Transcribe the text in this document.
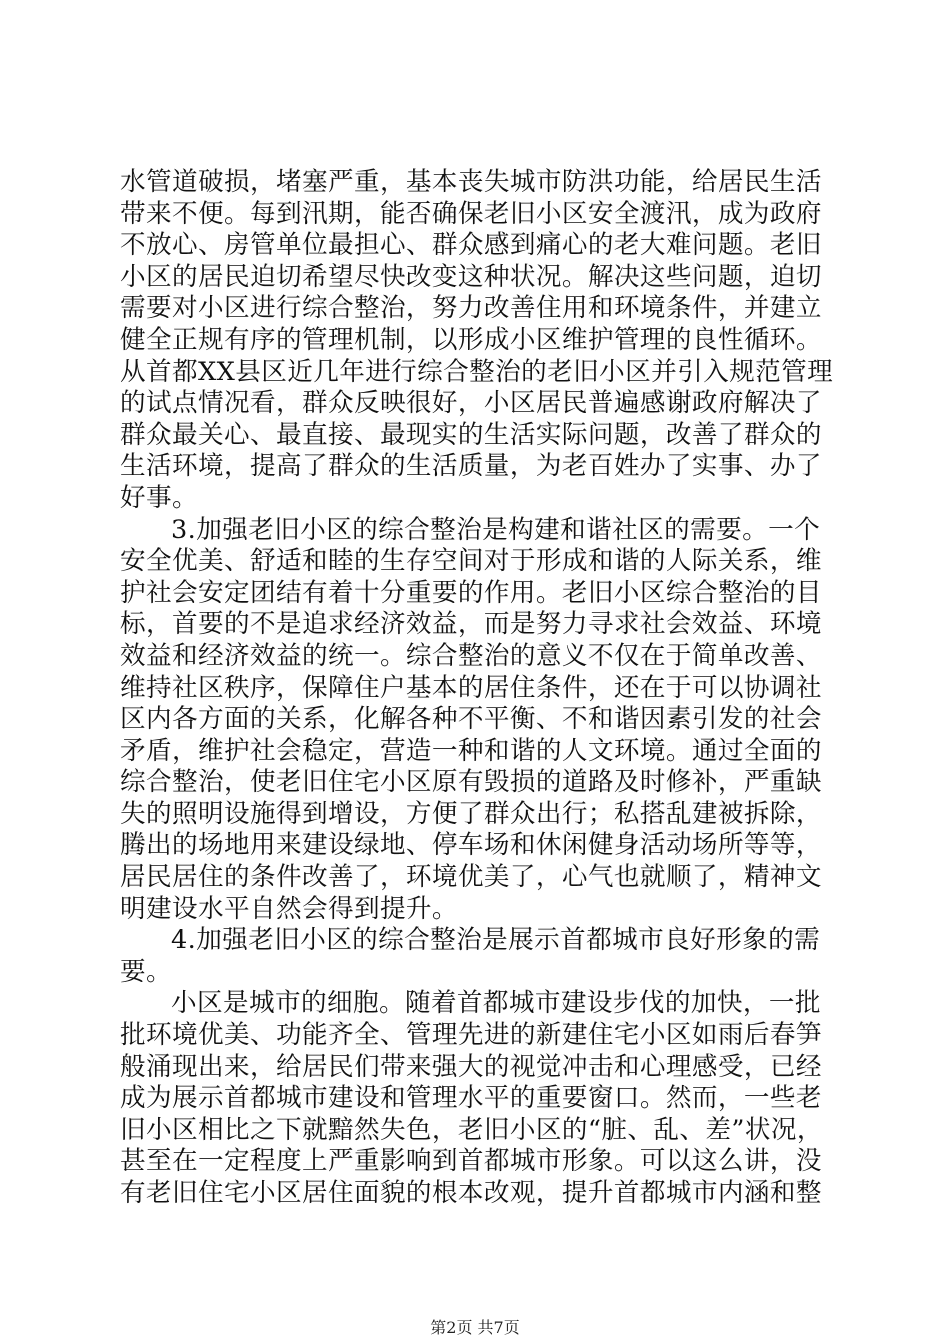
水管道破损，堵塞严重，基本丧失城市防洪功能，给居民生活
带来不便。每到汛期，能否确保老旧小区安全渡汛，成为政府
不放心、房管单位最担心、群众感到痛心的老大难问题。老旧
小区的居民迫切希望尽快改变这种状况。解决这些问题，迫切
需要对小区进行综合整治，努力改善住用和环境条件，并建立
健全正规有序的管理机制，以形成小区维护管理的良性循环。
从首都XX县区近几年进行综合整治的老旧小区并引入规范管理
的试点情况看，群众反映很好，小区居民普遍感谢政府解决了
群众最关心、最直接、最现实的生活实际问题，改善了群众的
生活环境，提高了群众的生活质量，为老百姓办了实事、办了
好事。
3.加强老旧小区的综合整治是构建和谐社区的需要。一个
安全优美、舒适和睦的生存空间对于形成和谐的人际关系，维
护社会安定团结有着十分重要的作用。老旧小区综合整治的目
标，首要的不是追求经济效益，而是努力寻求社会效益、环境
效益和经济效益的统一。综合整治的意义不仅在于简单改善、
维持社区秩序，保障住户基本的居住条件，还在于可以协调社
区内各方面的关系，化解各种不平衡、不和谐因素引发的社会
矛盾，维护社会稳定，营造一种和谐的人文环境。通过全面的
综合整治，使老旧住宅小区原有毁损的道路及时修补，严重缺
失的照明设施得到增设，方便了群众出行；私搭乱建被拆除，
腾出的场地用来建设绿地、停车场和休闲健身活动场所等等，
居民居住的条件改善了，环境优美了，心气也就顺了，精神文
明建设水平自然会得到提升。
4.加强老旧小区的综合整治是展示首都城市良好形象的需
要。
小区是城市的细胞。随着首都城市建设步伐的加快，一批
批环境优美、功能齐全、管理先进的新建住宅小区如雨后春笋
般涌现出来，给居民们带来强大的视觉冲击和心理感受，已经
成为展示首都城市建设和管理水平的重要窗口。然而，一些老
旧小区相比之下就黯然失色，老旧小区的“脏、乱、差”状况，
甚至在一定程度上严重影响到首都城市形象。可以这么讲，没
有老旧住宅小区居住面貌的根本改观，提升首都城市内涵和整
第2页 共7页
